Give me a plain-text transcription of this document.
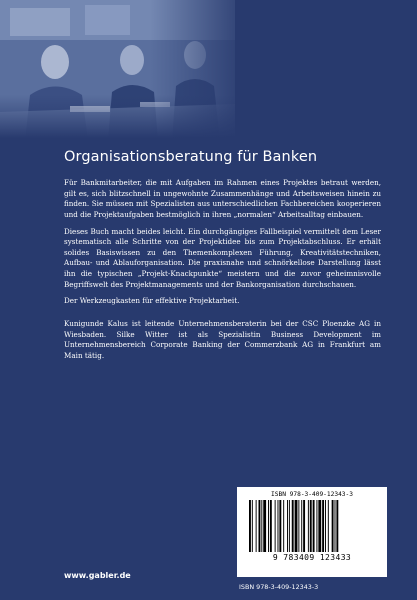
Organisationsberatung für Banken

Für Bankmitarbeiter, die mit Aufgaben im Rahmen eines Projektes betraut werden, gilt es, sich blitzschnell in ungewohnte Zusammenhänge und Arbeitsweisen hinein zu finden. Sie müssen mit Spezialisten aus unterschiedlichen Fachbereichen kooperieren und die Projektaufgaben bestmöglich in ihren „normalen“ Arbeitsalltag einbauen.

Dieses Buch macht beides leicht. Ein durchgängiges Fallbeispiel vermittelt dem Leser systematisch alle Schritte von der Projektidee bis zum Projektabschluss. Er erhält solides Basiswissen zu den Themenkomplexen Führung, Kreativitätstechniken, Aufbau- und Ablauforganisation. Die praxisnahe und schnörkellose Darstellung lässt ihn die typischen „Projekt-Knackpunkte“ meistern und die zuvor geheimnisvolle Begriffswelt des Projektmanagements und der Bankorganisation durchschauen.

Der Werkzeugkasten für effektive Projektarbeit.

Kunigunde Kalus ist leitende Unternehmensberaterin bei der CSC Ploenzke AG in Wiesbaden. Silke Witter ist als Spezialistin Business Development im Unternehmensbereich Corporate Banking der Commerzbank AG in Frankfurt am Main tätig.

www.gabler.de
ISBN 978-3-409-12343-3
9 783409 123433
ISBN 978-3-409-12343-3
